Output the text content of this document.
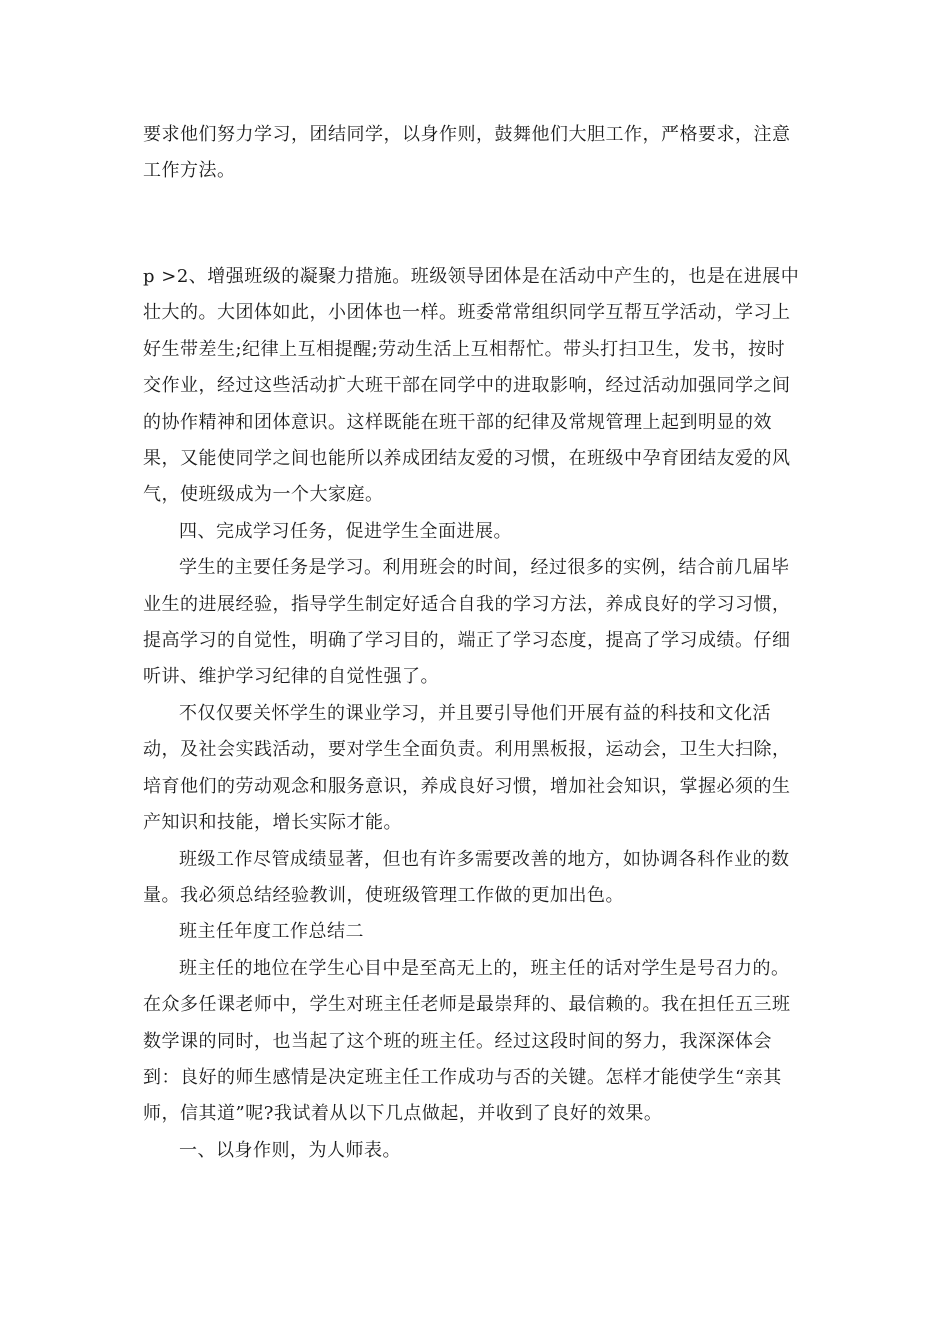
要求他们努力学习，团结同学，以身作则，鼓舞他们大胆工作，严格要求，注意工作方法。

p >2、增强班级的凝聚力措施。班级领导团体是在活动中产生的，也是在进展中壮大的。大团体如此，小团体也一样。班委常常组织同学互帮互学活动，学习上好生带差生;纪律上互相提醒;劳动生活上互相帮忙。带头打扫卫生，发书，按时交作业，经过这些活动扩大班干部在同学中的进取影响，经过活动加强同学之间的协作精神和团体意识。这样既能在班干部的纪律及常规管理上起到明显的效果，又能使同学之间也能所以养成团结友爱的习惯，在班级中孕育团结友爱的风气，使班级成为一个大家庭。

四、完成学习任务，促进学生全面进展。

学生的主要任务是学习。利用班会的时间，经过很多的实例，结合前几届毕业生的进展经验，指导学生制定好适合自我的学习方法，养成良好的学习习惯，提高学习的自觉性，明确了学习目的，端正了学习态度，提高了学习成绩。仔细听讲、维护学习纪律的自觉性强了。

不仅仅要关怀学生的课业学习，并且要引导他们开展有益的科技和文化活动，及社会实践活动，要对学生全面负责。利用黑板报，运动会，卫生大扫除，培育他们的劳动观念和服务意识，养成良好习惯，增加社会知识，掌握必须的生产知识和技能，增长实际才能。

班级工作尽管成绩显著，但也有许多需要改善的地方，如协调各科作业的数量。我必须总结经验教训，使班级管理工作做的更加出色。

班主任年度工作总结二

班主任的地位在学生心目中是至高无上的，班主任的话对学生是号召力的。在众多任课老师中，学生对班主任老师是最崇拜的、最信赖的。我在担任五三班数学课的同时，也当起了这个班的班主任。经过这段时间的努力，我深深体会到：良好的师生感情是决定班主任工作成功与否的关键。怎样才能使学生“亲其师，信其道”呢?我试着从以下几点做起，并收到了良好的效果。

一、以身作则，为人师表。
